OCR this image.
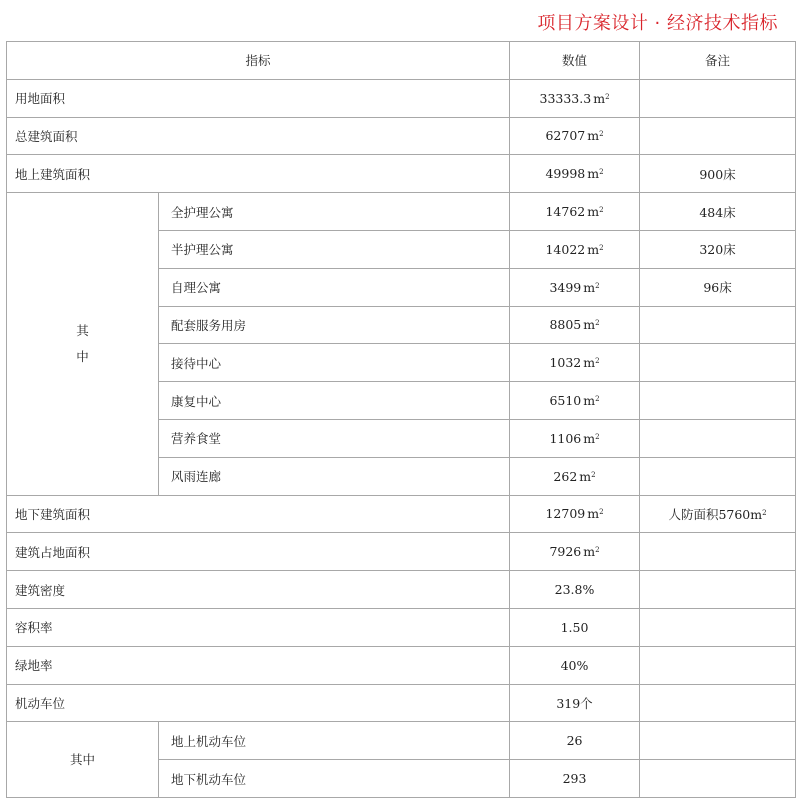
项目方案设计 · 经济技术指标
指标		数值	备注
用地面积		33333.3 $m^2$	
总建筑面积		62707 $m^2$	
地上建筑面积		49998 $m^2$	900床

其
中	全护理公寓	14762 $m^2$	484床
	半护理公寓	14022 $m^2$	320床
	自理公寓	3499 $m^2$	96床
	配套服务用房	8805 $m^2$	
	接待中心	1032 $m^2$	
	康复中心	6510 $m^2$	
	营养食堂	1106 $m^2$	
	风雨连廊	262 $m^2$	
地下建筑面积		12709 $m^2$	人防面积$5760m^2$
建筑占地面积		7926 $m^2$	
建筑密度		23.8%	
容积率		1.50	
绿地率		40%	
机动车位		319个	
其中	地上机动车位	26	
	地下机动车位	293	
